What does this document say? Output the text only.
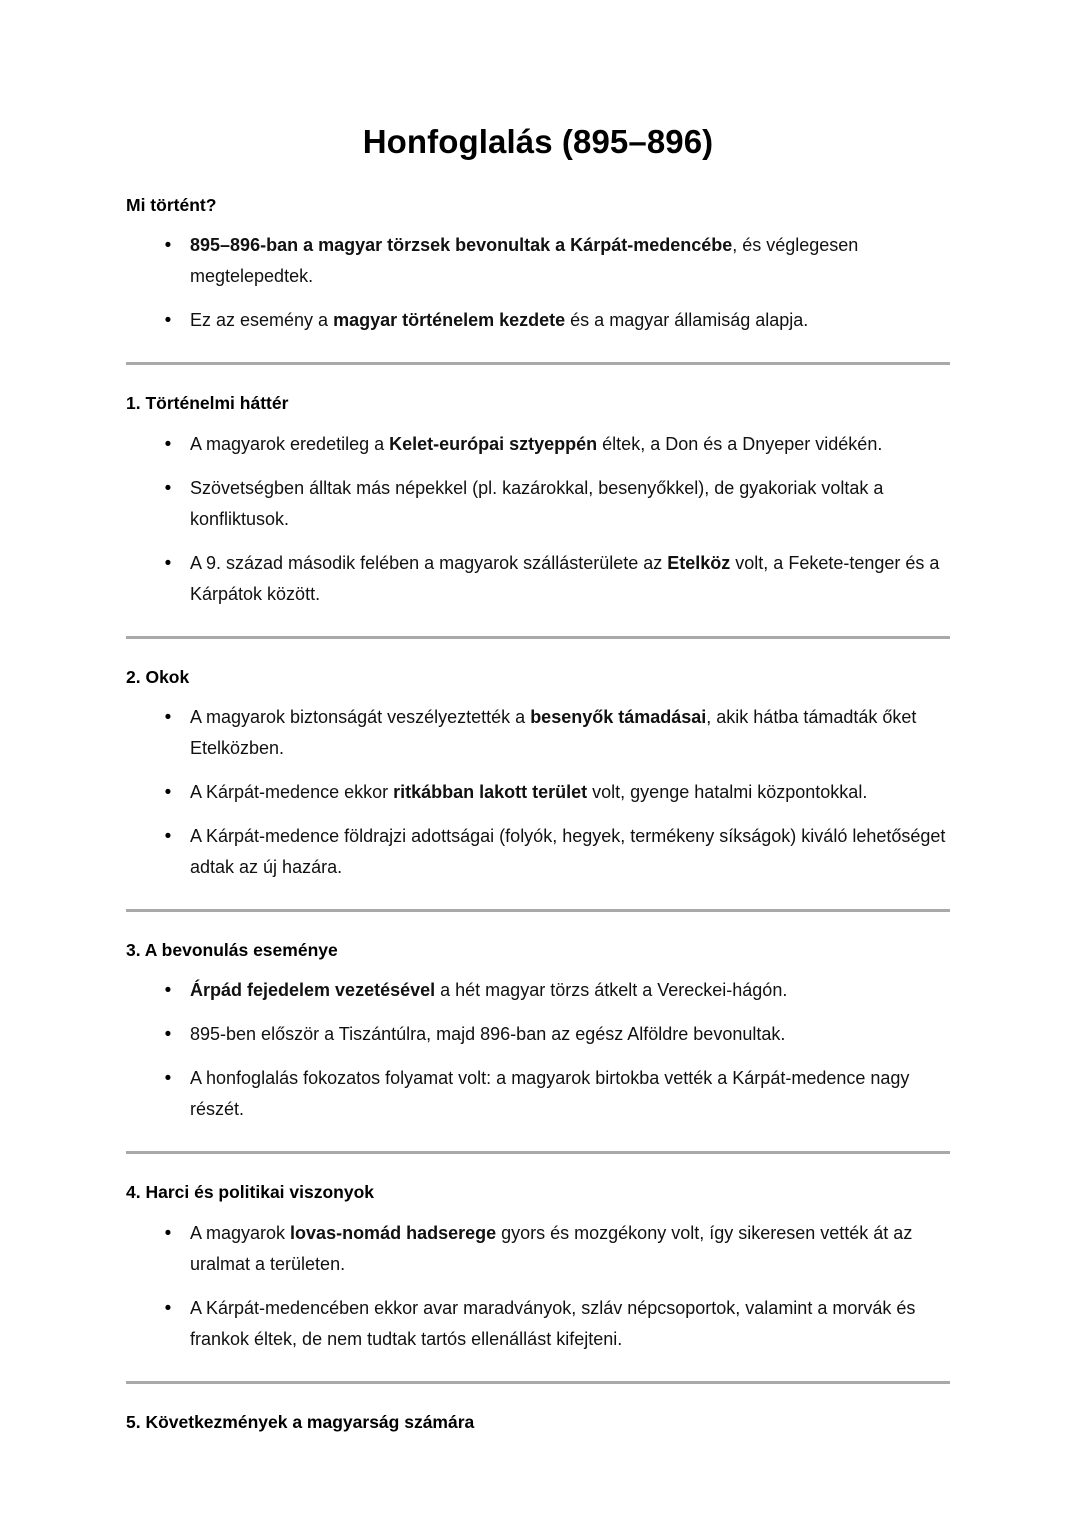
Honfoglalás (895–896)
Mi történt?
• 895–896-ban a magyar törzsek bevonultak a Kárpát-medencébe, és véglegesen megtelepedtek.
• Ez az esemény a magyar történelem kezdete és a magyar államiság alapja.
1. Történelmi háttér
• A magyarok eredetileg a Kelet-európai sztyeppén éltek, a Don és a Dnyeper vidékén.
• Szövetségben álltak más népekkel (pl. kazárokkal, besenyőkkel), de gyakoriak voltak a konfliktusok.
• A 9. század második felében a magyarok szállásterülete az Etelköz volt, a Fekete-tenger és a Kárpátok között.
2. Okok
• A magyarok biztonságát veszélyeztették a besenyők támadásai, akik hátba támadták őket Etelközben.
• A Kárpát-medence ekkor ritkábban lakott terület volt, gyenge hatalmi központokkal.
• A Kárpát-medence földrajzi adottságai (folyók, hegyek, termékeny síkságok) kiváló lehetőséget adtak az új hazára.
3. A bevonulás eseménye
• Árpád fejedelem vezetésével a hét magyar törzs átkelt a Vereckei-hágón.
• 895-ben először a Tiszántúlra, majd 896-ban az egész Alföldre bevonultak.
• A honfoglalás fokozatos folyamat volt: a magyarok birtokba vették a Kárpát-medence nagy részét.
4. Harci és politikai viszonyok
• A magyarok lovas-nomád hadserege gyors és mozgékony volt, így sikeresen vették át az uralmat a területen.
• A Kárpát-medencében ekkor avar maradványok, szláv népcsoportok, valamint a morvák és frankok éltek, de nem tudtak tartós ellenállást kifejteni.
5. Következmények a magyarság számára
